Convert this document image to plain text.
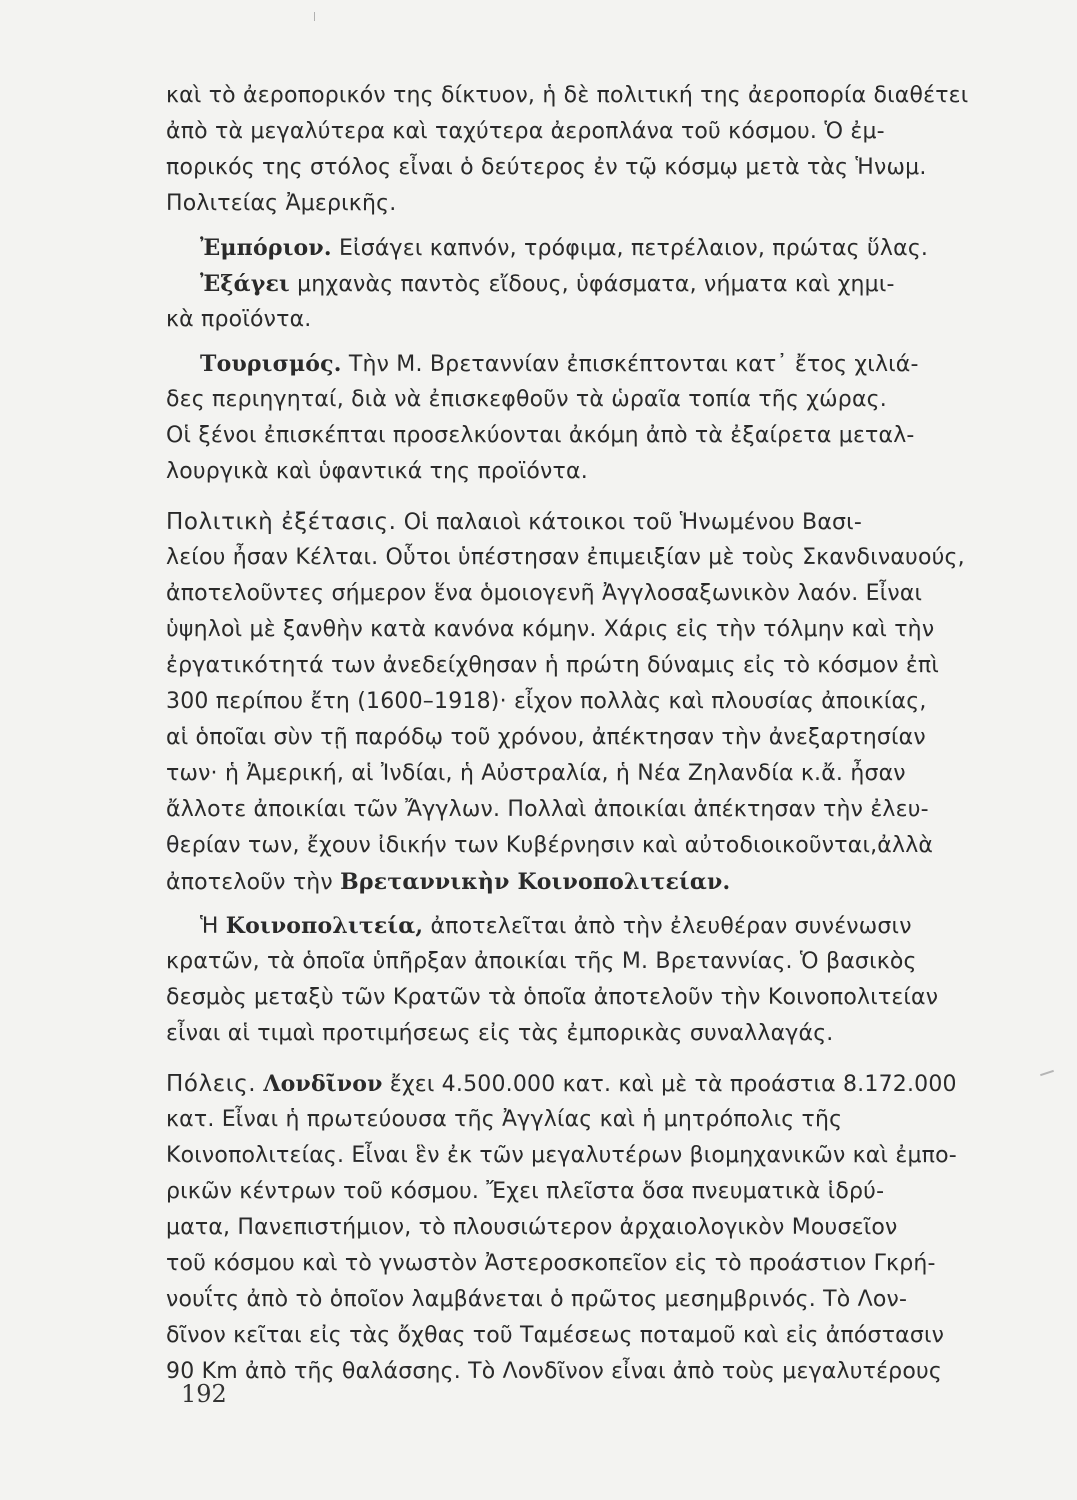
καὶ τὸ ἀεροπορικόν της δίκτυον, ἡ δὲ πολιτική της ἀεροπορία διαθέτει
ἀπὸ τὰ μεγαλύτερα καὶ ταχύτερα ἀεροπλάνα τοῦ κόσμου. Ὁ ἐμ-
πορικός της στόλος εἶναι ὁ δεύτερος ἐν τῷ κόσμῳ μετὰ τὰς Ἡνωμ.
Πολιτείας Ἀμερικῆς.
Ἐμπόριον. Εἰσάγει καπνόν, τρόφιμα, πετρέλαιον, πρώτας ὕλας.
Ἐξάγει μηχανὰς παντὸς εἴδους, ὑφάσματα, νήματα καὶ χημι-
κὰ προϊόντα.
Τουρισμός. Τὴν Μ. Βρεταννίαν ἐπισκέπτονται κατ᾽ ἔτος χιλιά-
δες περιηγηταί, διὰ νὰ ἐπισκεφθοῦν τὰ ὡραῖα τοπία τῆς χώρας.
Οἱ ξένοι ἐπισκέπται προσελκύονται ἀκόμη ἀπὸ τὰ ἐξαίρετα μεταλ-
λουργικὰ καὶ ὑφαντικά της προϊόντα.
Πολιτικὴ ἐξέτασις. Οἱ παλαιοὶ κάτοικοι τοῦ Ἡνωμένου Βασι-
λείου ἦσαν Κέλται. Οὗτοι ὑπέστησαν ἐπιμειξίαν μὲ τοὺς Σκανδιναυούς,
ἀποτελοῦντες σήμερον ἕνα ὁμοιογενῆ Ἀγγλοσαξωνικὸν λαόν. Εἶναι
ὑψηλοὶ μὲ ξανθὴν κατὰ κανόνα κόμην. Χάρις εἰς τὴν τόλμην καὶ τὴν
ἐργατικότητά των ἀνεδείχθησαν ἡ πρώτη δύναμις εἰς τὸ κόσμον ἐπὶ
300 περίπου ἔτη (1600–1918)· εἶχον πολλὰς καὶ πλουσίας ἀποικίας,
αἱ ὁποῖαι σὺν τῇ παρόδῳ τοῦ χρόνου, ἀπέκτησαν τὴν ἀνεξαρτησίαν
των· ἡ Ἀμερική, αἱ Ἰνδίαι, ἡ Αὐστραλία, ἡ Νέα Ζηλανδία κ.ἄ. ἦσαν
ἄλλοτε ἀποικίαι τῶν Ἄγγλων. Πολλαὶ ἀποικίαι ἀπέκτησαν τὴν ἐλευ-
θερίαν των, ἔχουν ἰδικήν των Κυβέρνησιν καὶ αὐτοδιοικοῦνται,ἀλλὰ
ἀποτελοῦν τὴν Βρεταννικὴν Κοινοπολιτείαν.
Ἡ Κοινοπολιτεία, ἀποτελεῖται ἀπὸ τὴν ἐλευθέραν συνένωσιν
κρατῶν, τὰ ὁποῖα ὑπῆρξαν ἀποικίαι τῆς Μ. Βρεταννίας. Ὁ βασικὸς
δεσμὸς μεταξὺ τῶν Κρατῶν τὰ ὁποῖα ἀποτελοῦν τὴν Κοινοπολιτείαν
εἶναι αἱ τιμαὶ προτιμήσεως εἰς τὰς ἐμπορικὰς συναλλαγάς.
Πόλεις. Λονδῖνον ἔχει 4.500.000 κατ. καὶ μὲ τὰ προάστια 8.172.000
κατ. Εἶναι ἡ πρωτεύουσα τῆς Ἀγγλίας καὶ ἡ μητρόπολις τῆς
Κοινοπολιτείας. Εἶναι ἓν ἐκ τῶν μεγαλυτέρων βιομηχανικῶν καὶ ἐμπο-
ρικῶν κέντρων τοῦ κόσμου. Ἔχει πλεῖστα ὅσα πνευματικὰ ἱδρύ-
ματα, Πανεπιστήμιον, τὸ πλουσιώτερον ἀρχαιολογικὸν Μουσεῖον
τοῦ κόσμου καὶ τὸ γνωστὸν Ἀστεροσκοπεῖον εἰς τὸ προάστιον Γκρή-
νουΐτς ἀπὸ τὸ ὁποῖον λαμβάνεται ὁ πρῶτος μεσημβρινός. Τὸ Λον-
δῖνον κεῖται εἰς τὰς ὄχθας τοῦ Ταμέσεως ποταμοῦ καὶ εἰς ἀπόστασιν
90 Km ἀπὸ τῆς θαλάσσης. Τὸ Λονδῖνον εἶναι ἀπὸ τοὺς μεγαλυτέρους
192
